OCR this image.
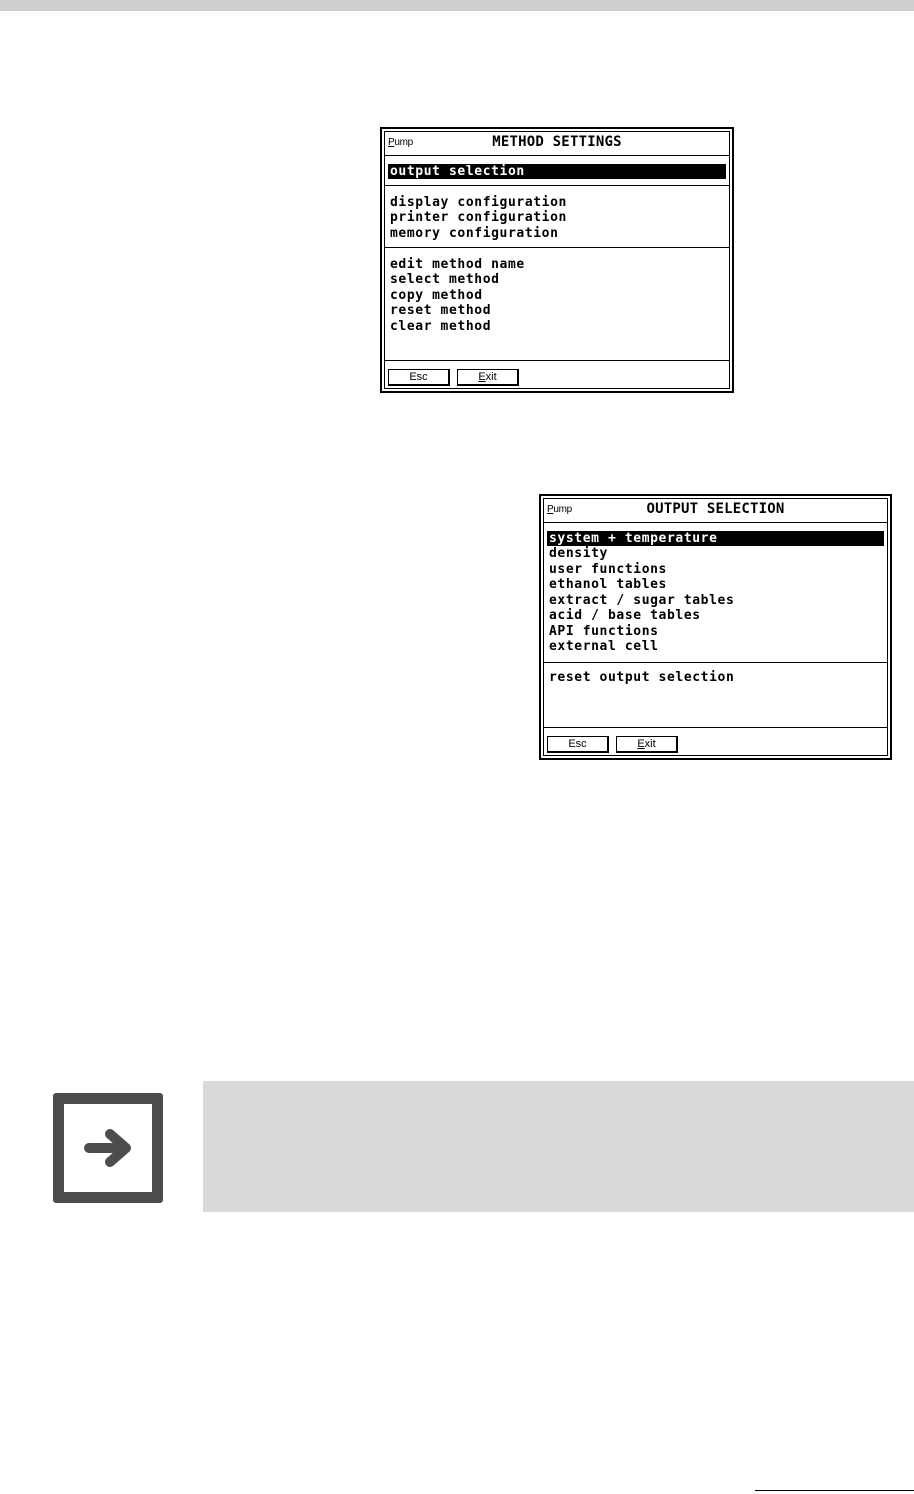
Pump	METHOD SETTINGS
output selection
display configuration
printer configuration
memory configuration
edit method name
select method
copy method
reset method
clear method
Esc	Exit
Pump	OUTPUT SELECTION
system + temperature
density
user functions
ethanol tables
extract / sugar tables
acid / base tables
API functions
external cell
reset output selection
Esc	Exit
